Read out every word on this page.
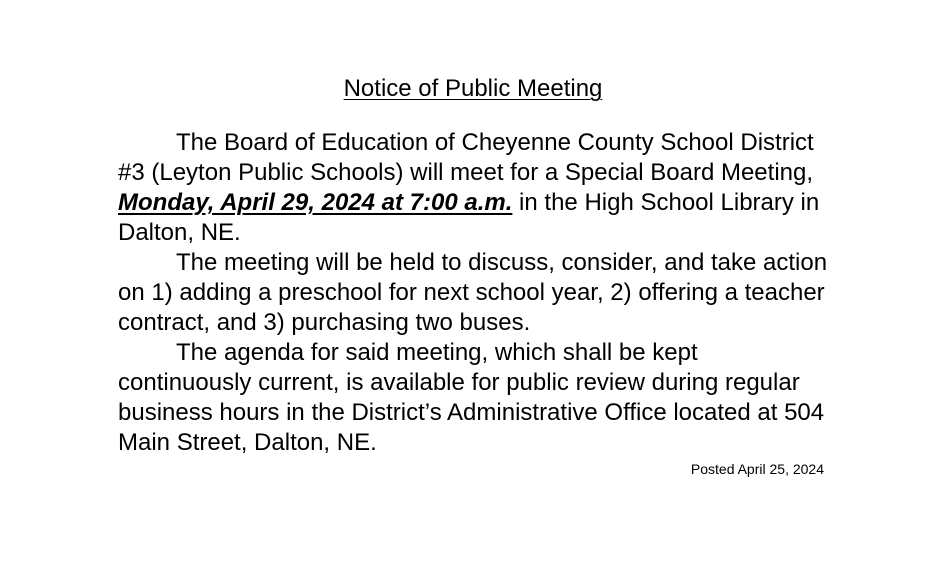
Notice of Public Meeting

The Board of Education of Cheyenne County School District #3 (Leyton Public Schools) will meet for a Special Board Meeting, Monday, April 29, 2024 at 7:00 a.m. in the High School Library in Dalton, NE.

The meeting will be held to discuss, consider, and take action on 1) adding a preschool for next school year, 2) offering a teacher contract, and 3) purchasing two buses.

The agenda for said meeting, which shall be kept continuously current, is available for public review during regular business hours in the District’s Administrative Office located at 504 Main Street, Dalton, NE.

Posted April 25, 2024
